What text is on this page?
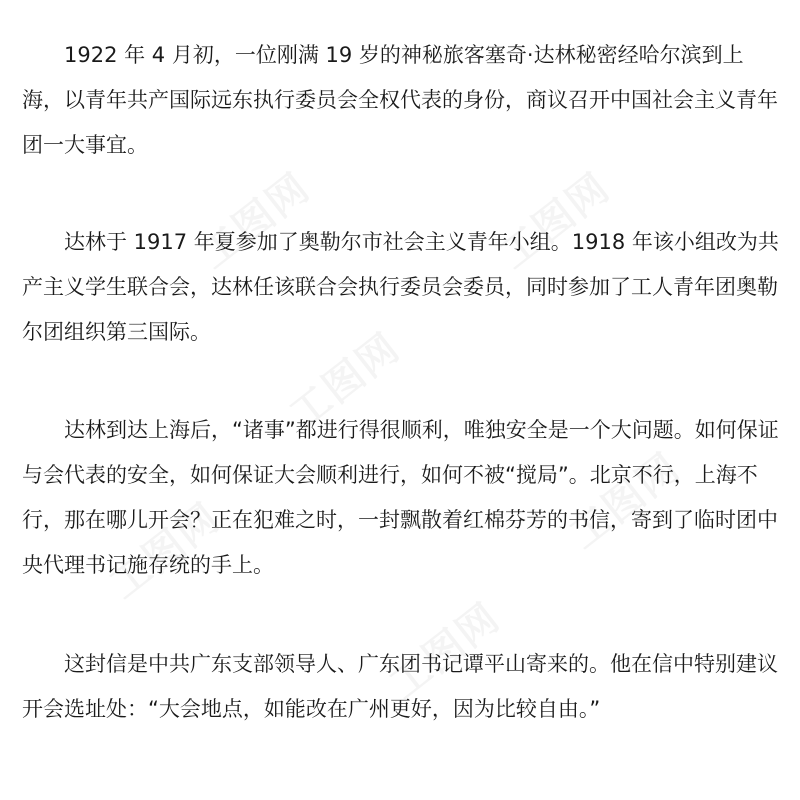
1922 年 4 月初，一位刚满 19 岁的神秘旅客塞奇·达林秘密经哈尔滨到上海，以青年共产国际远东执行委员会全权代表的身份，商议召开中国社会主义青年团一大事宜。

达林于 1917 年夏参加了奥勒尔市社会主义青年小组。1918 年该小组改为共产主义学生联合会，达林任该联合会执行委员会委员，同时参加了工人青年团奥勒尔团组织第三国际。

达林到达上海后，“诸事”都进行得很顺利，唯独安全是一个大问题。如何保证与会代表的安全，如何保证大会顺利进行，如何不被“搅局”。北京不行，上海不行，那在哪儿开会？正在犯难之时，一封飘散着红棉芬芳的书信，寄到了临时团中央代理书记施存统的手上。

这封信是中共广东支部领导人、广东团书记谭平山寄来的。他在信中特别建议开会选址处：“大会地点，如能改在广州更好，因为比较自由。”
